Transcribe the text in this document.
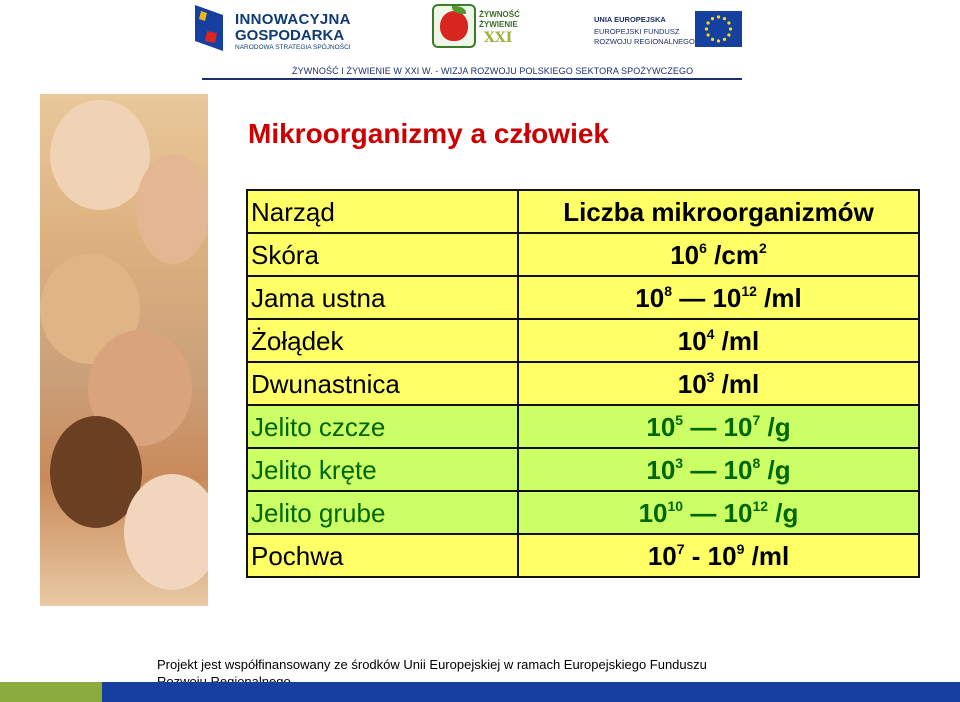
INNOWACYJNA
GOSPODARKA
NARODOWA STRATEGIA SPÓJNOŚCI
ŻYWNOŚĆ
ŻYWIENIE
XXI
UNIA EUROPEJSKA
EUROPEJSKI FUNDUSZ
ROZWOJU REGIONALNEGO
ŻYWNOŚĆ I ŻYWIENIE W XXI W. - WIZJA ROZWOJU POLSKIEGO SEKTORA SPOŻYWCZEGO
Mikroorganizmy a człowiek
Narząd	Liczba mikroorganizmów
Skóra	$10^6$ $/cm^2$
Jama ustna	$10^8$ — $10^{12}$ /ml
Żołądek	$10^4$ /ml
Dwunastnica	$10^3$ /ml
Jelito czcze	$10^5$ — $10^7$ /g
Jelito kręte	$10^3$ — $10^8$ /g
Jelito grube	$10^{10}$ — $10^{12}$ /g
Pochwa	$10^7 - 10^9$ /ml
Projekt jest współfinansowany ze środków Unii Europejskiej w ramach Europejskiego Funduszu
